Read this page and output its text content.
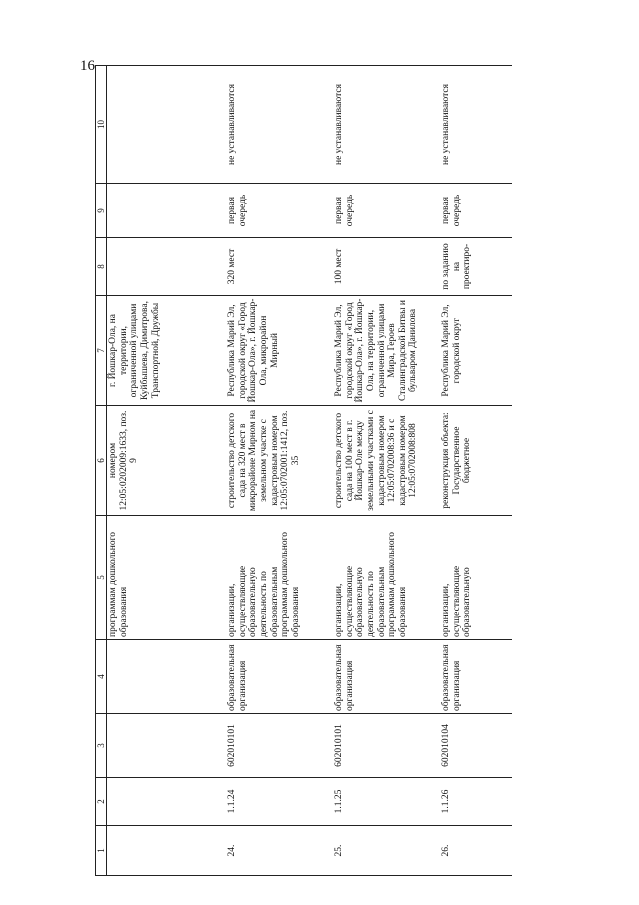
16
1	2	3	4	5	6	7	8	9	10
				программам дошкольного образования	номером 12:05:0202009:1633, поз. 9	г. Йошкар-Ола, на территории, ограниченной улицами Куйбышева, Димитрова, Транспортной, Дружбы			
24.	1.1.24	602010101	образовательная организация	организации, осуществляющие образовательную деятельность по образовательным программам дошкольного образования	строительство детского сада на 320 мест в микрорайоне Мирном на земельном участке с кадастровым номером 12:05:0702001:1412, поз. 35	Республика Марий Эл, городской округ «Город Йошкар-Ола», г. Йошкар-Ола, микрорайон Мирный	320 мест	первая очередь	не устанавливаются
25.	1.1.25	602010101	образовательная организация	организации, осуществляющие образовательную деятельность по образовательным программам дошкольного образования	строительство детского сада на 100 мест в г. Йошкар-Оле между земельными участками с кадастровым номером 12:05:0702008:36 и с кадастровым номером 12:05:0702008:808	Республика Марий Эл, городской округ «Город Йошкар-Ола», г. Йошкар-Ола, на территории, ограниченной улицами Мира, Героев Сталинградской Битвы и бульваром Данилова	100 мест	первая очередь	не устанавливаются
26.	1.1.26	602010104	образовательная организация	организации, осуществляющие образовательную	реконструкция объекта: Государственное бюджетное	Республика Марий Эл, городской округ	по заданию на проектиро-	первая очередь	не устанавливаются
